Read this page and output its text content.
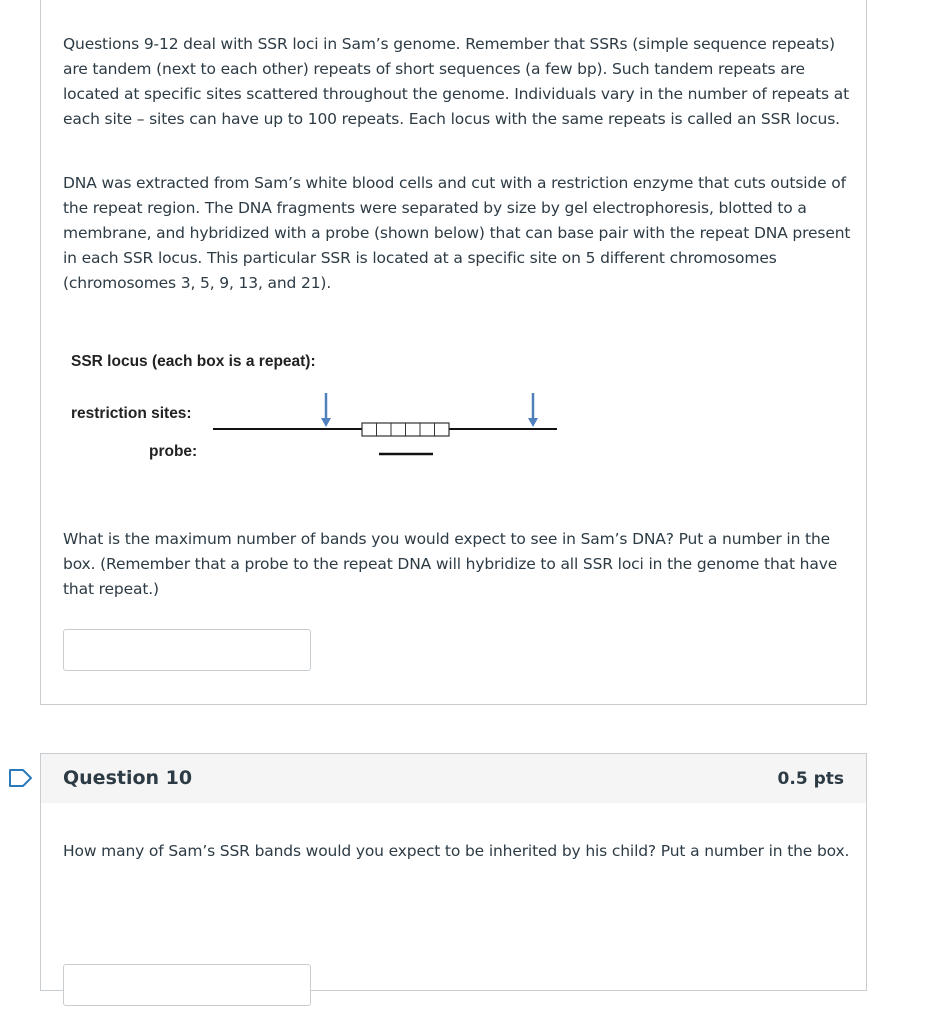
Questions 9-12 deal with SSR loci in Sam’s genome. Remember that SSRs (simple sequence repeats) are tandem (next to each other) repeats of short sequences (a few bp). Such tandem repeats are located at specific sites scattered throughout the genome. Individuals vary in the number of repeats at each site – sites can have up to 100 repeats. Each locus with the same repeats is called an SSR locus.

DNA was extracted from Sam’s white blood cells and cut with a restriction enzyme that cuts outside of the repeat region. The DNA fragments were separated by size by gel electrophoresis, blotted to a membrane, and hybridized with a probe (shown below) that can base pair with the repeat DNA present in each SSR locus. This particular SSR is located at a specific site on 5 different chromosomes (chromosomes 3, 5, 9, 13, and 21).

SSR locus (each box is a repeat):
restriction sites:
probe:

What is the maximum number of bands you would expect to see in Sam’s DNA? Put a number in the box. (Remember that a probe to the repeat DNA will hybridize to all SSR loci in the genome that have that repeat.)

Question 10	0.5 pts

How many of Sam’s SSR bands would you expect to be inherited by his child? Put a number in the box.
